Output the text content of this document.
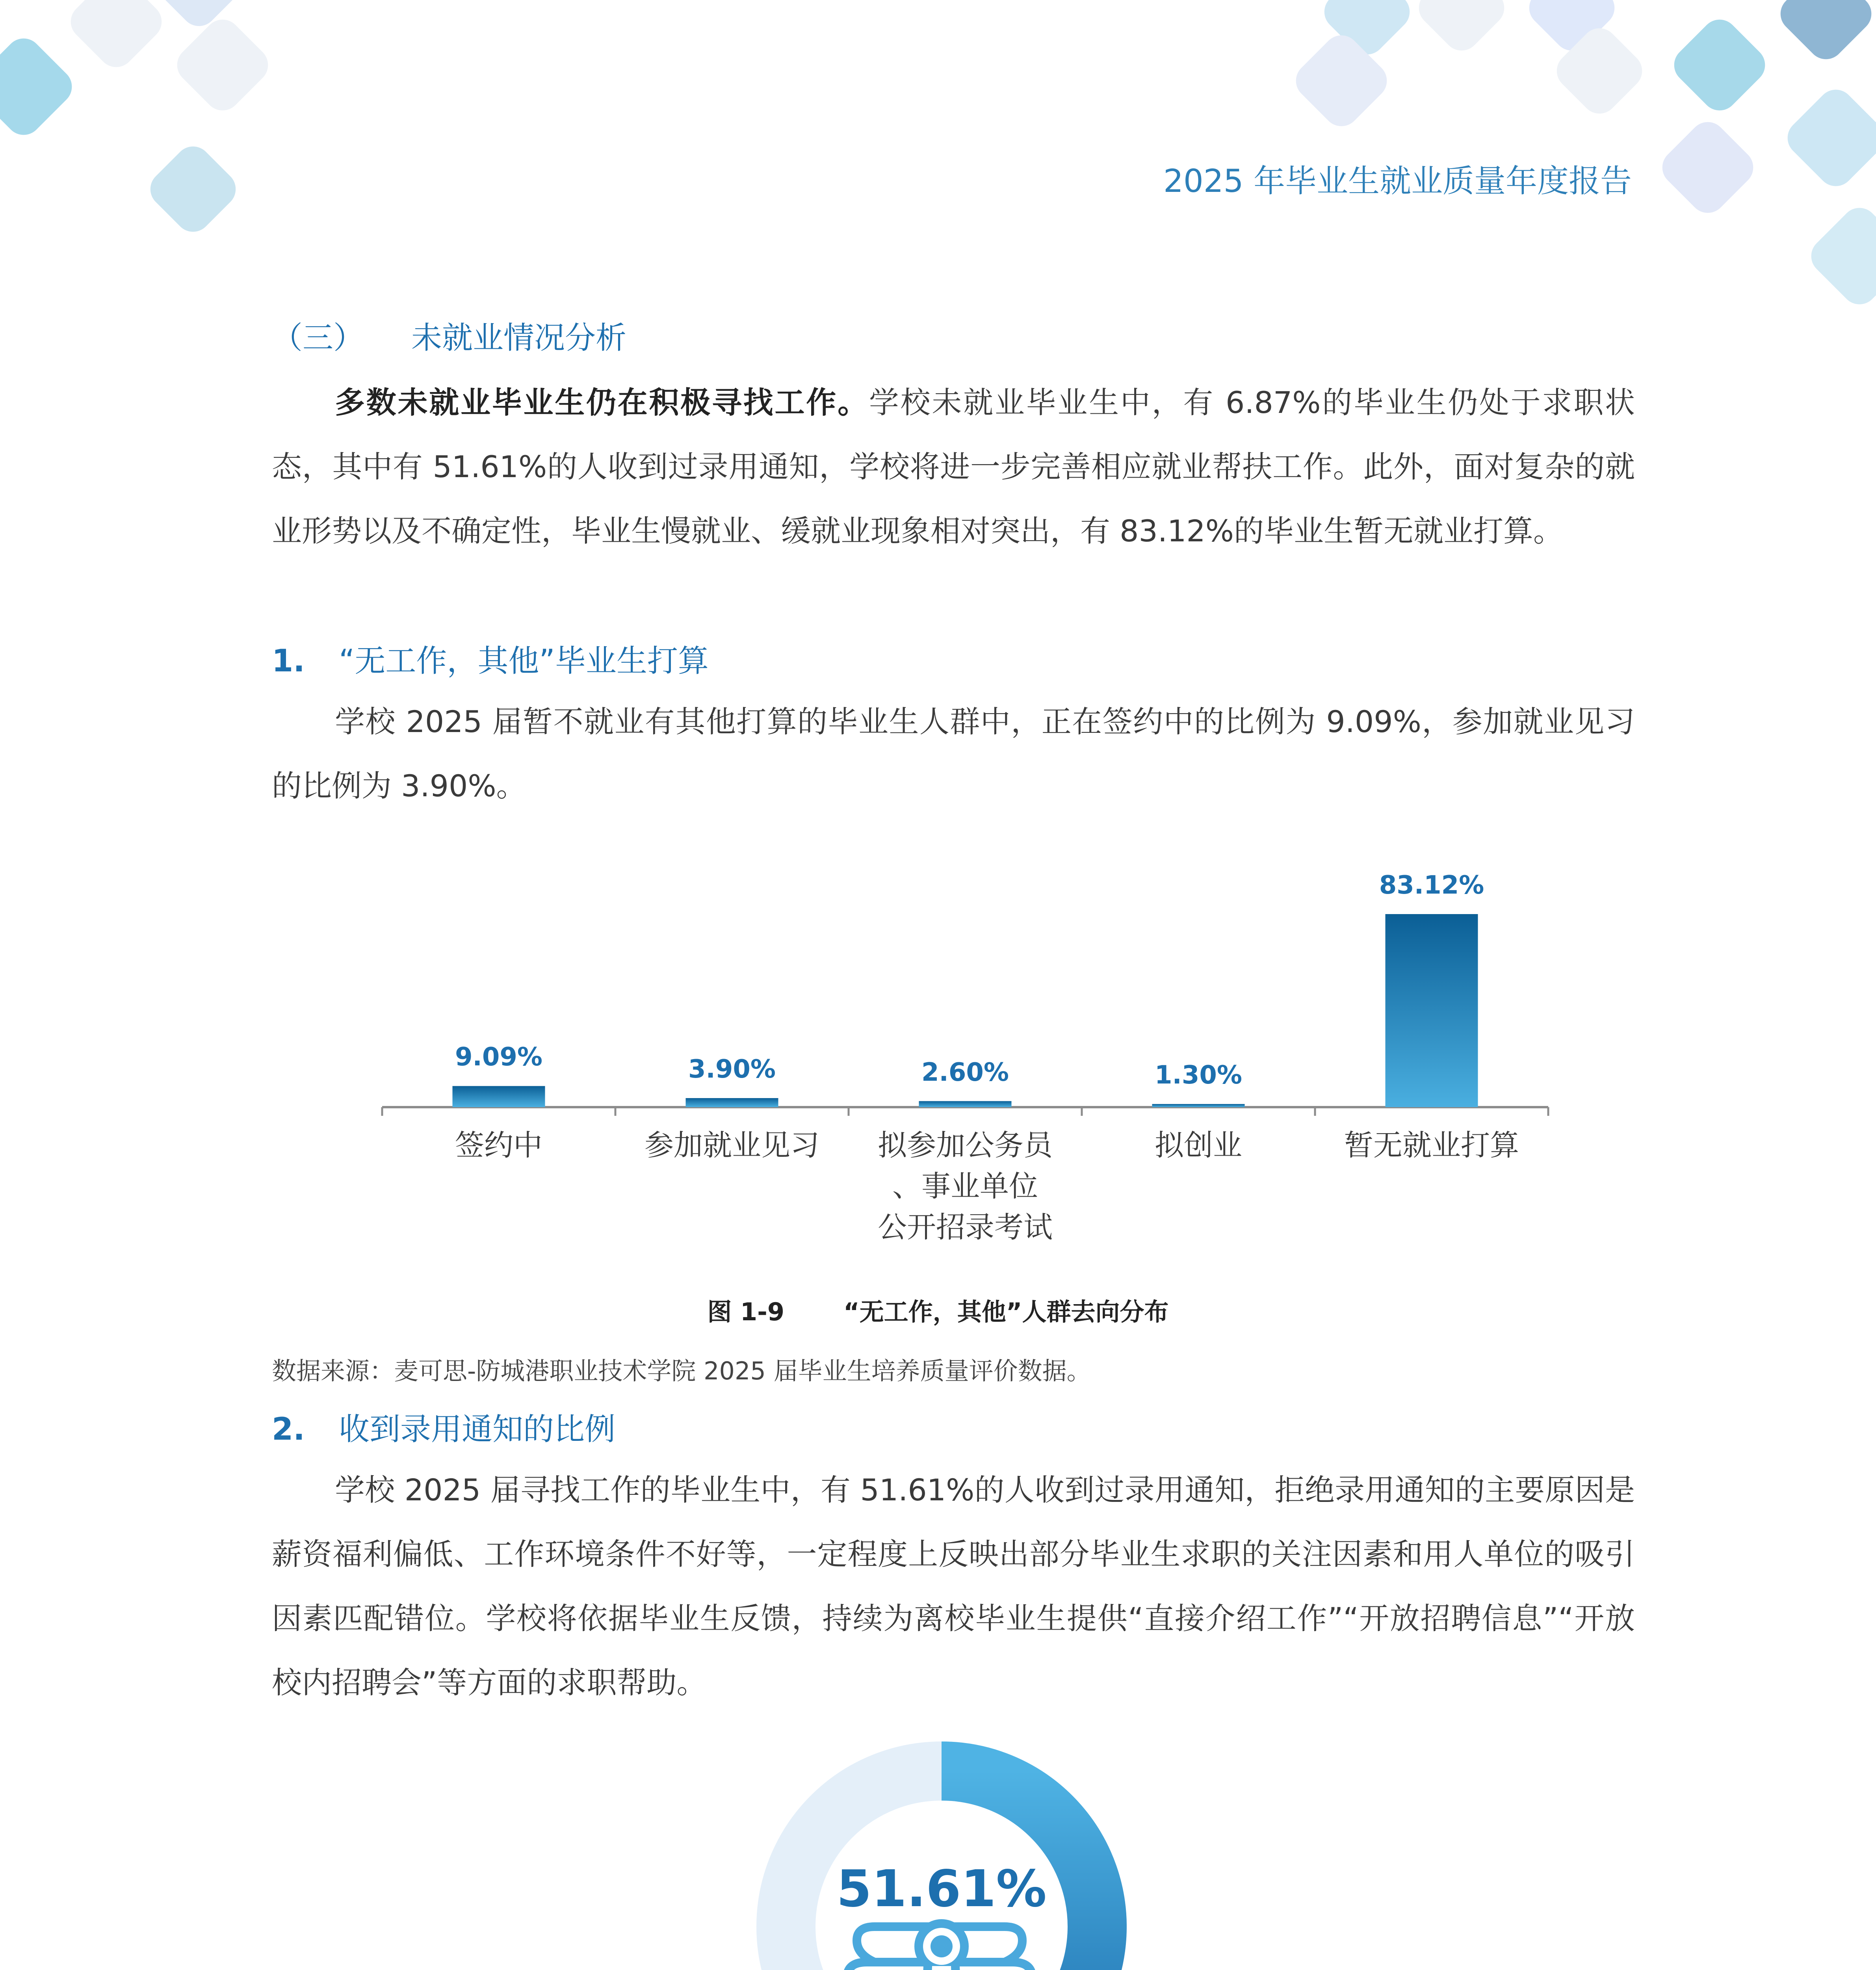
2025 年毕业生就业质量年度报告
（三） 未就业情况分析
多数未就业毕业生仍在积极寻找工作。学校未就业毕业生中，有 6.87%的毕业生仍处于求职状态，其中有 51.61%的人收到过录用通知，学校将进一步完善相应就业帮扶工作。此外，面对复杂的就业形势以及不确定性，毕业生慢就业、缓就业现象相对突出，有 83.12%的毕业生暂无就业打算。
1. “无工作，其他”毕业生打算
学校 2025 届暂不就业有其他打算的毕业生人群中，正在签约中的比例为 9.09%，参加就业见习的比例为 3.90%。
9.09%
签约中
3.90%
参加就业见习
2.60%
拟参加公务员
、事业单位
公开招录考试
1.30%
拟创业
83.12%
暂无就业打算
图 1-9 “无工作，其他”人群去向分布
数据来源：麦可思-防城港职业技术学院 2025 届毕业生培养质量评价数据。
2. 收到录用通知的比例
学校 2025 届寻找工作的毕业生中，有 51.61%的人收到过录用通知，拒绝录用通知的主要原因是薪资福利偏低、工作环境条件不好等，一定程度上反映出部分毕业生求职的关注因素和用人单位的吸引因素匹配错位。学校将依据毕业生反馈，持续为离校毕业生提供“直接介绍工作”“开放招聘信息”“开放校内招聘会”等方面的求职帮助。
51.61%
